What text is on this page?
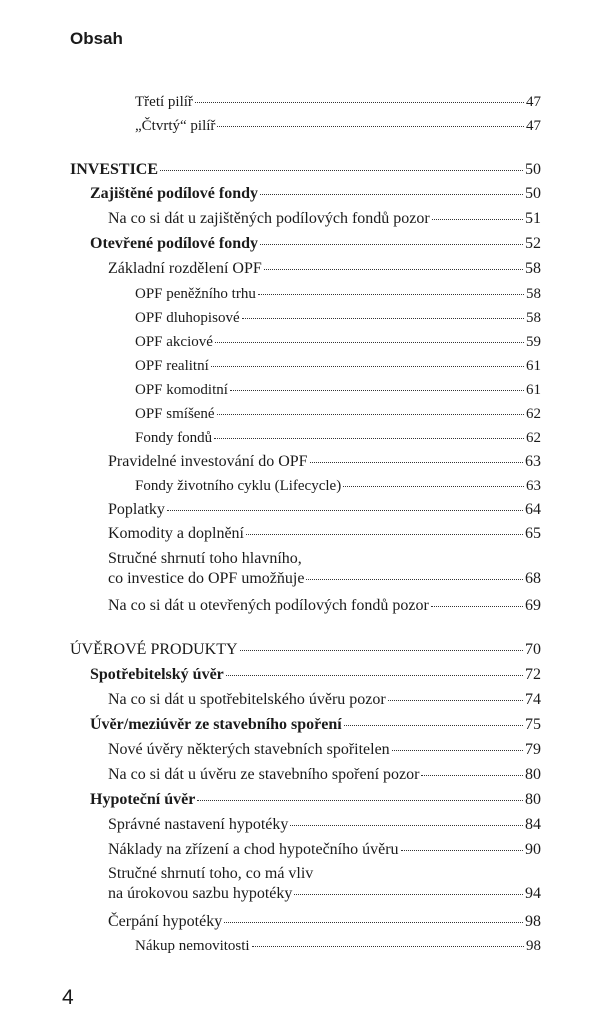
Obsah
Třetí pilíř	47
„Čtvrtý“ pilíř	47
INVESTICE	50
Zajištěné podílové fondy	50
Na co si dát u zajištěných podílových fondů pozor	51
Otevřené podílové fondy	52
Základní rozdělení OPF	58
OPF peněžního trhu	58
OPF dluhopisové	58
OPF akciové	59
OPF realitní	61
OPF komoditní	61
OPF smíšené	62
Fondy fondů	62
Pravidelné investování do OPF	63
Fondy životního cyklu (Lifecycle)	63
Poplatky	64
Komodity a doplnění	65
Stručné shrnutí toho hlavního,
co investice do OPF umožňuje	68
Na co si dát u otevřených podílových fondů pozor	69
ÚVĚROVÉ PRODUKTY	70
Spotřebitelský úvěr	72
Na co si dát u spotřebitelského úvěru pozor	74
Úvěr/meziúvěr ze stavebního spoření	75
Nové úvěry některých stavebních spořitelen	79
Na co si dát u úvěru ze stavebního spoření pozor	80
Hypoteční úvěr	80
Správné nastavení hypotéky	84
Náklady na zřízení a chod hypotečního úvěru	90
Stručné shrnutí toho, co má vliv
na úrokovou sazbu hypotéky	94
Čerpání hypotéky	98
Nákup nemovitosti	98
4
